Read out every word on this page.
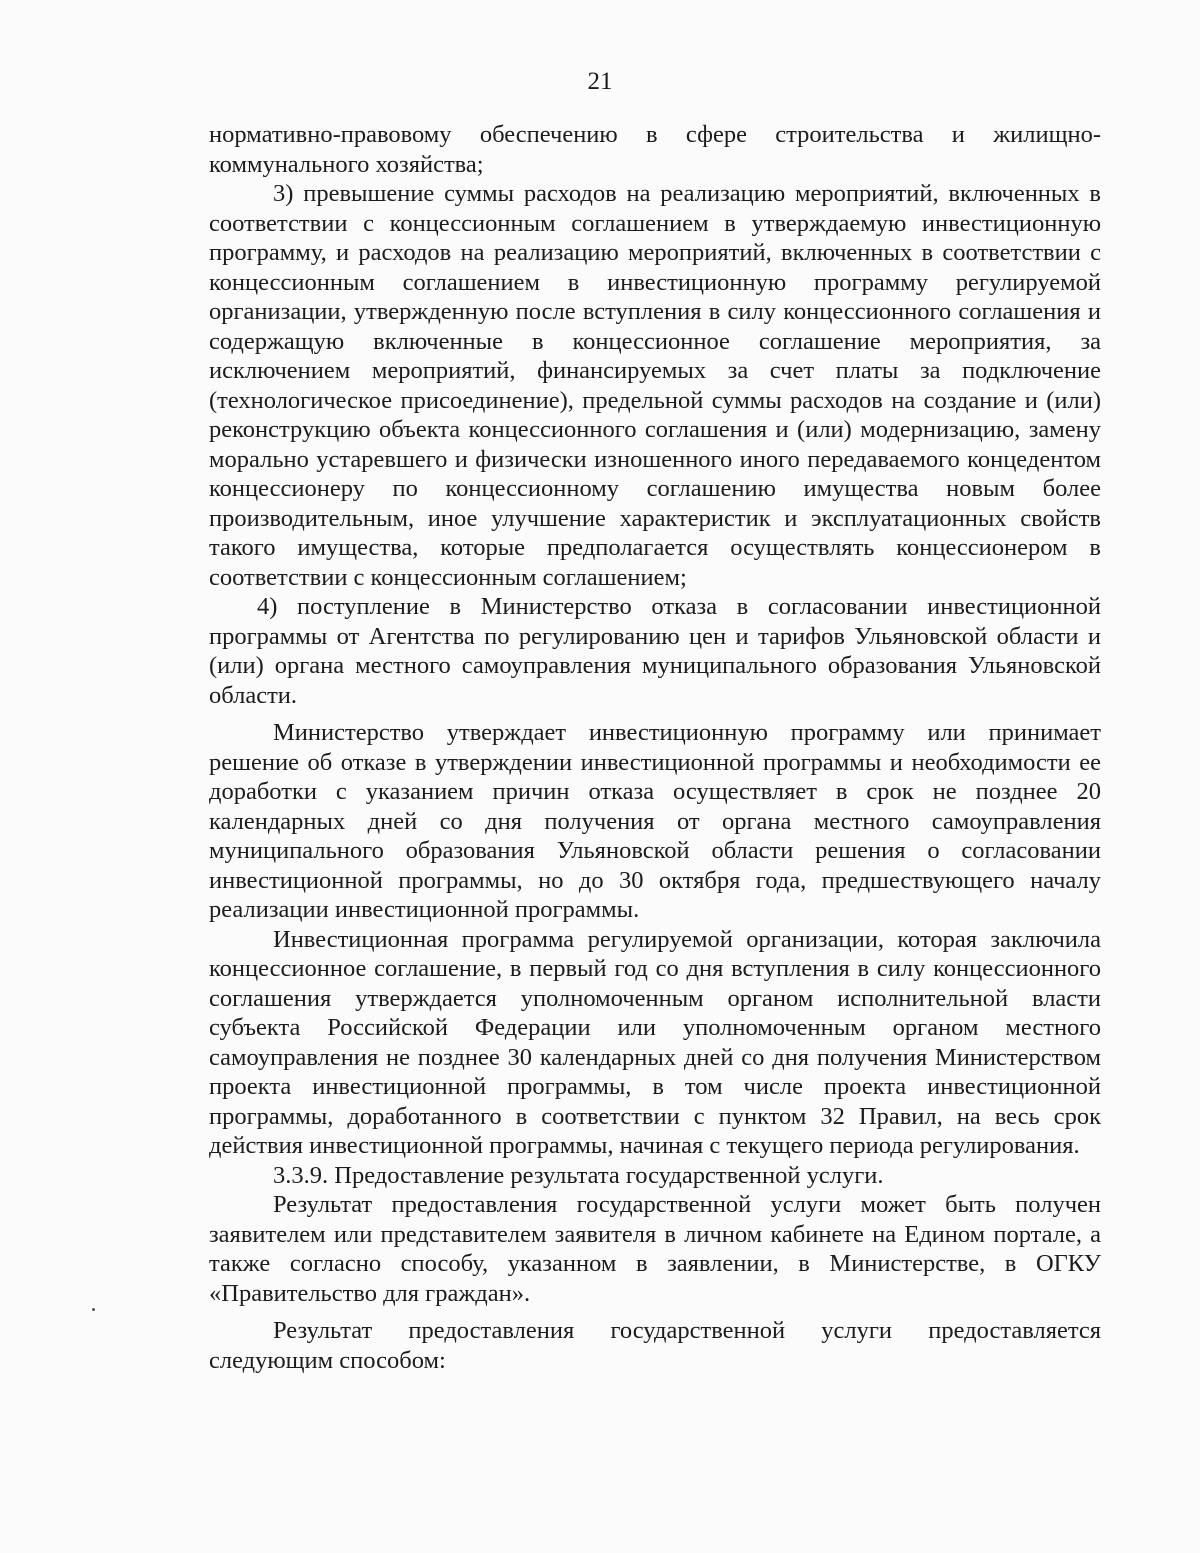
21

нормативно-правовому обеспечению в сфере строительства и жилищно-коммунального хозяйства;

3) превышение суммы расходов на реализацию мероприятий, включенных в соответствии с концессионным соглашением в утверждаемую инвестиционную программу, и расходов на реализацию мероприятий, включенных в соответствии с концессионным соглашением в инвестиционную программу регулируемой организации, утвержденную после вступления в силу концессионного соглашения и содержащую включенные в концессионное соглашение мероприятия, за исключением мероприятий, финансируемых за счет платы за подключение (технологическое присоединение), предельной суммы расходов на создание и (или) реконструкцию объекта концессионного соглашения и (или) модернизацию, замену морально устаревшего и физически изношенного иного передаваемого концедентом концессионеру по концессионному соглашению имущества новым более производительным, иное улучшение характеристик и эксплуатационных свойств такого имущества, которые предполагается осуществлять концессионером в соответствии с концессионным соглашением;

4) поступление в Министерство отказа в согласовании инвестиционной программы от Агентства по регулированию цен и тарифов Ульяновской области и (или) органа местного самоуправления муниципального образования Ульяновской области.

Министерство утверждает инвестиционную программу или принимает решение об отказе в утверждении инвестиционной программы и необходимости ее доработки с указанием причин отказа осуществляет в срок не позднее 20 календарных дней со дня получения от органа местного самоуправления муниципального образования Ульяновской области решения о согласовании инвестиционной программы, но до 30 октября года, предшествующего началу реализации инвестиционной программы.

Инвестиционная программа регулируемой организации, которая заключила концессионное соглашение, в первый год со дня вступления в силу концессионного соглашения утверждается уполномоченным органом исполнительной власти субъекта Российской Федерации или уполномоченным органом местного самоуправления не позднее 30 календарных дней со дня получения Министерством проекта инвестиционной программы, в том числе проекта инвестиционной программы, доработанного в соответствии с пунктом 32 Правил, на весь срок действия инвестиционной программы, начиная с текущего периода регулирования.

3.3.9. Предоставление результата государственной услуги.

Результат предоставления государственной услуги может быть получен заявителем или представителем заявителя в личном кабинете на Едином портале, а также согласно способу, указанном в заявлении, в Министерстве, в ОГКУ «Правительство для граждан».

Результат предоставления государственной услуги предоставляется следующим способом:
